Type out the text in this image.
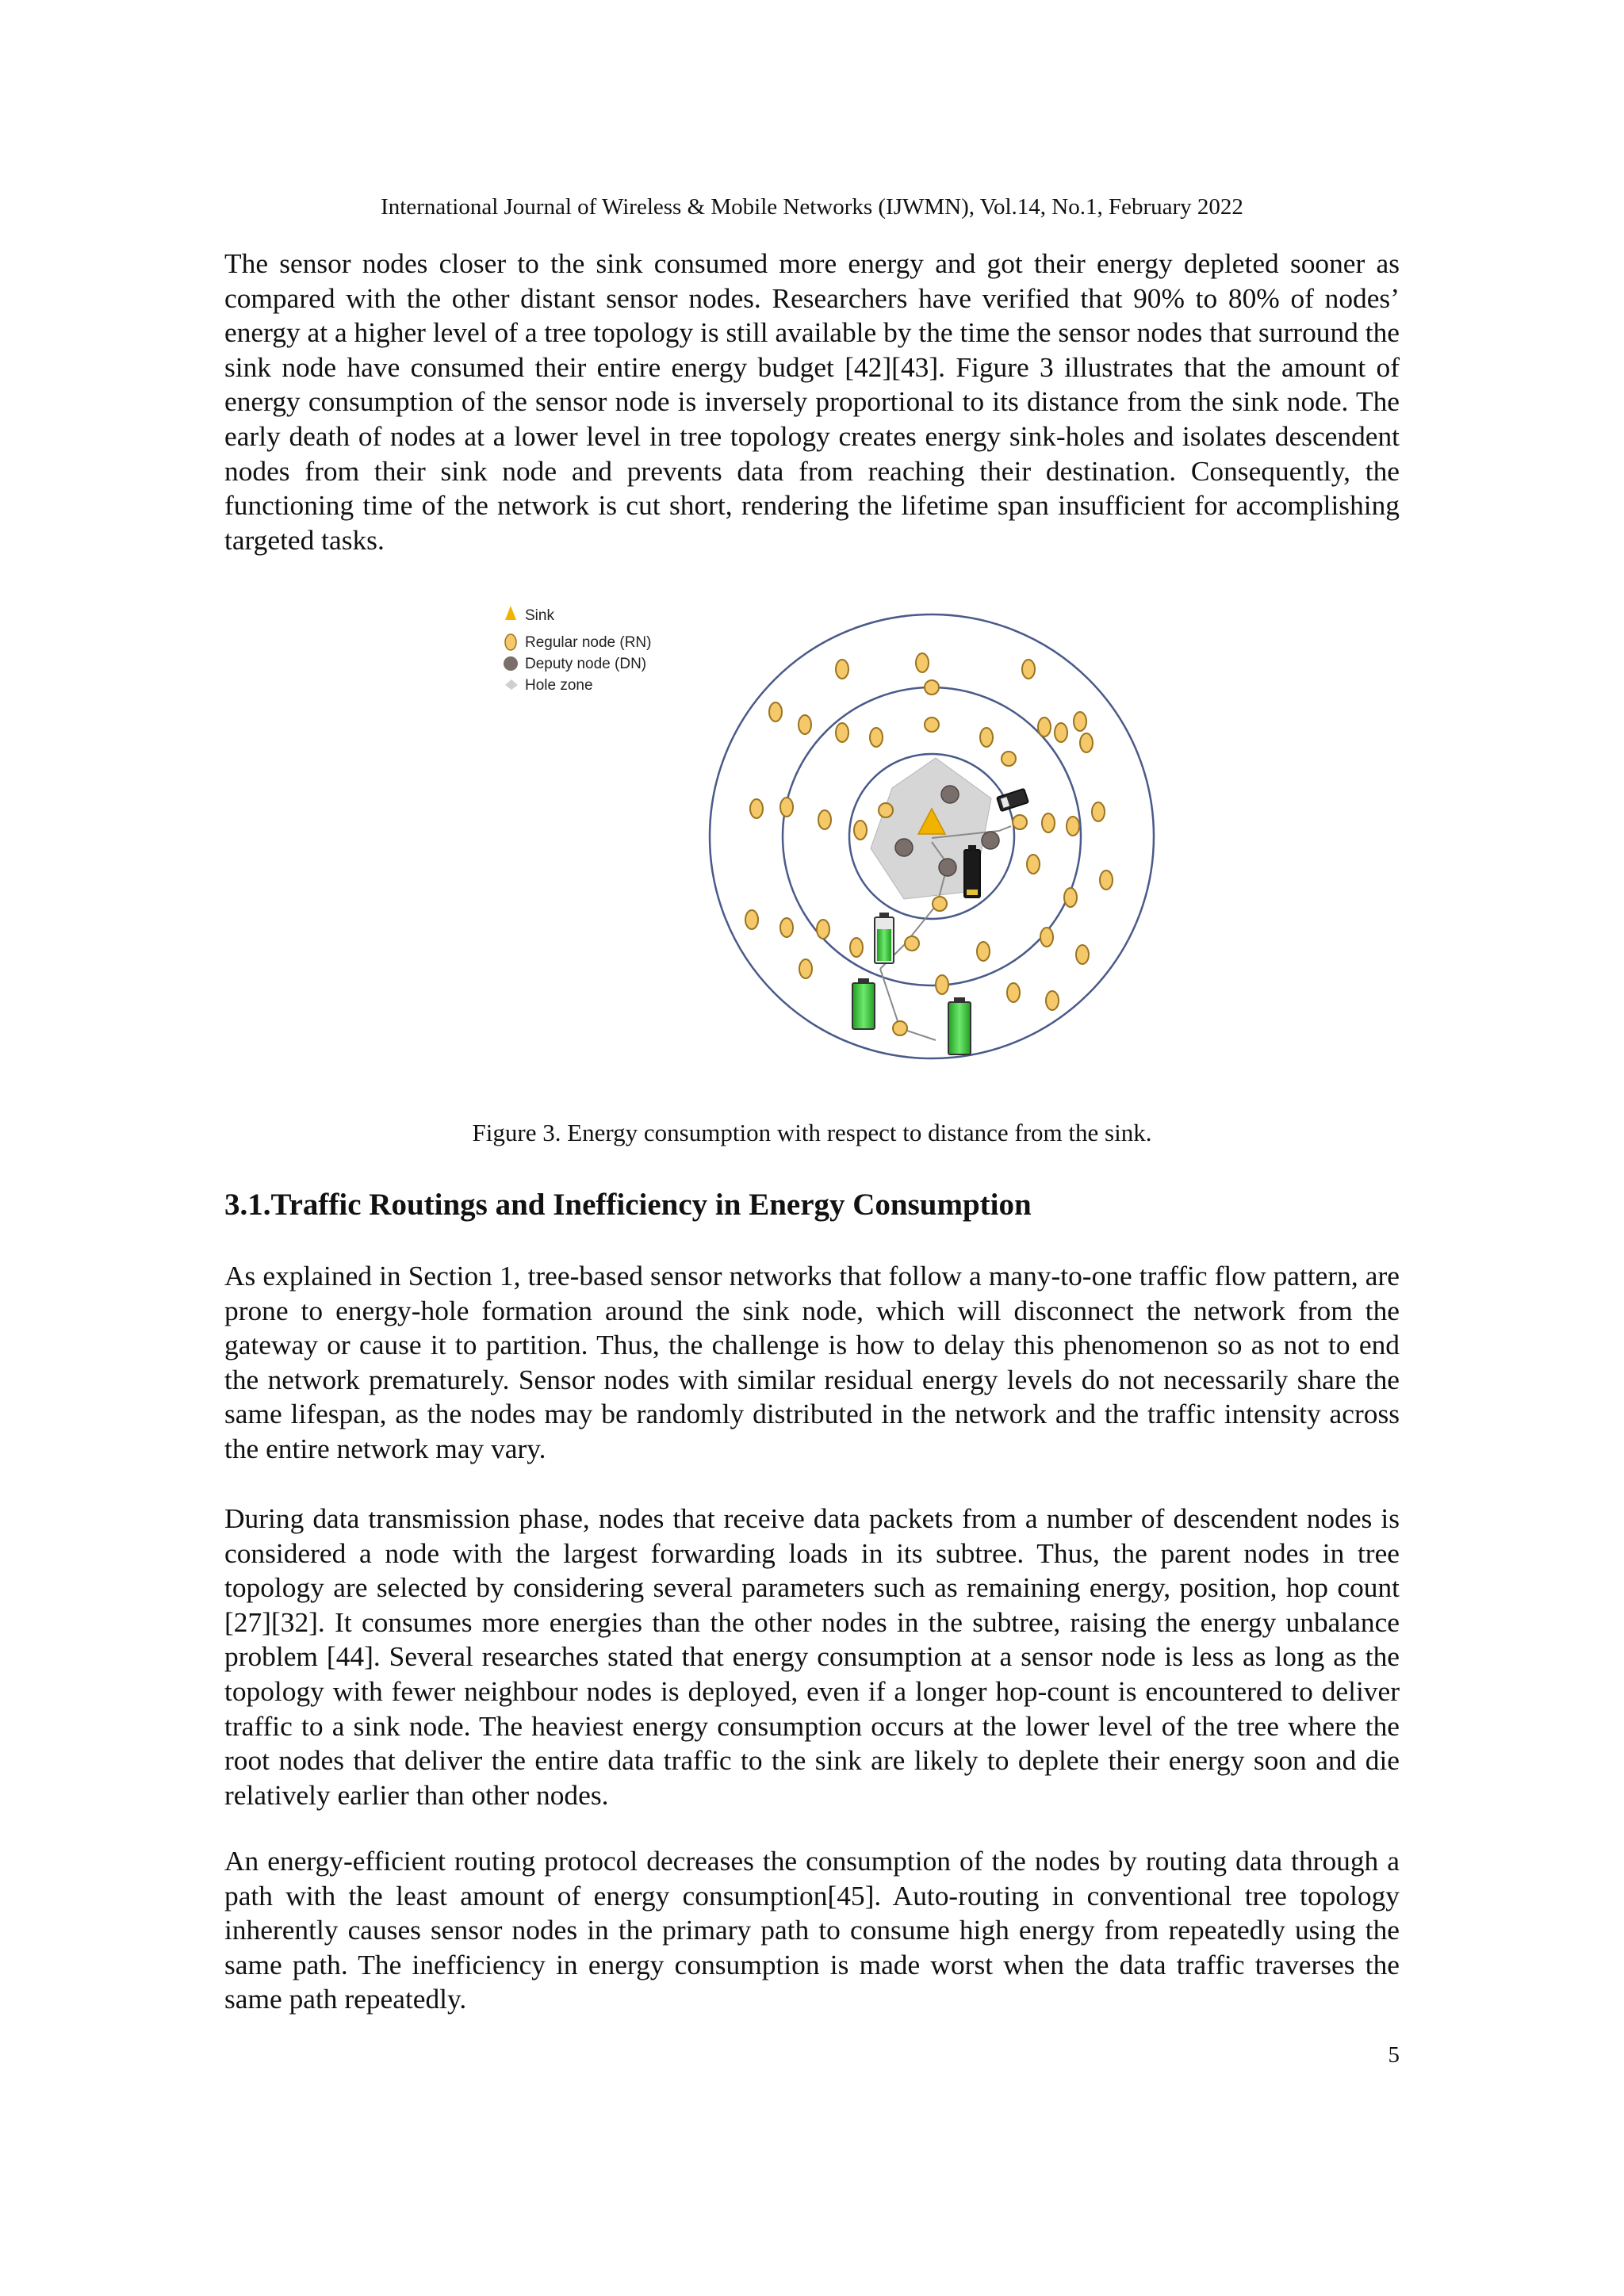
International Journal of Wireless & Mobile Networks (IJWMN), Vol.14, No.1, February 2022

The sensor nodes closer to the sink consumed more energy and got their energy depleted sooner as compared with the other distant sensor nodes. Researchers have verified that 90% to 80% of nodes’ energy at a higher level of a tree topology is still available by the time the sensor nodes that surround the sink node have consumed their entire energy budget [42][43]. Figure 3 illustrates that the amount of energy consumption of the sensor node is inversely proportional to its distance from the sink node. The early death of nodes at a lower level in tree topology creates energy sink-holes and isolates descendent nodes from their sink node and prevents data from reaching their destination. Consequently, the functioning time of the network is cut short, rendering the lifetime span insufficient for accomplishing targeted tasks.

Sink
Regular node (RN)
Deputy node (DN)
Hole zone
Figure 3. Energy consumption with respect to distance from the sink.
3.1.Traffic Routings and Inefficiency in Energy Consumption

As explained in Section 1, tree-based sensor networks that follow a many-to-one traffic flow pattern, are prone to energy-hole formation around the sink node, which will disconnect the network from the gateway or cause it to partition. Thus, the challenge is how to delay this phenomenon so as not to end the network prematurely. Sensor nodes with similar residual energy levels do not necessarily share the same lifespan, as the nodes may be randomly distributed in the network and the traffic intensity across the entire network may vary.

During data transmission phase, nodes that receive data packets from a number of descendent nodes is considered a node with the largest forwarding loads in its subtree. Thus, the parent nodes in tree topology are selected by considering several parameters such as remaining energy, position, hop count [27][32]. It consumes more energies than the other nodes in the subtree, raising the energy unbalance problem [44]. Several researches stated that energy consumption at a sensor node is less as long as the topology with fewer neighbour nodes is deployed, even if a longer hop-count is encountered to deliver traffic to a sink node. The heaviest energy consumption occurs at the lower level of the tree where the root nodes that deliver the entire data traffic to the sink are likely to deplete their energy soon and die relatively earlier than other nodes.

An energy-efficient routing protocol decreases the consumption of the nodes by routing data through a path with the least amount of energy consumption[45]. Auto-routing in conventional tree topology inherently causes sensor nodes in the primary path to consume high energy from repeatedly using the same path. The inefficiency in energy consumption is made worst when the data traffic traverses the same path repeatedly.

5
